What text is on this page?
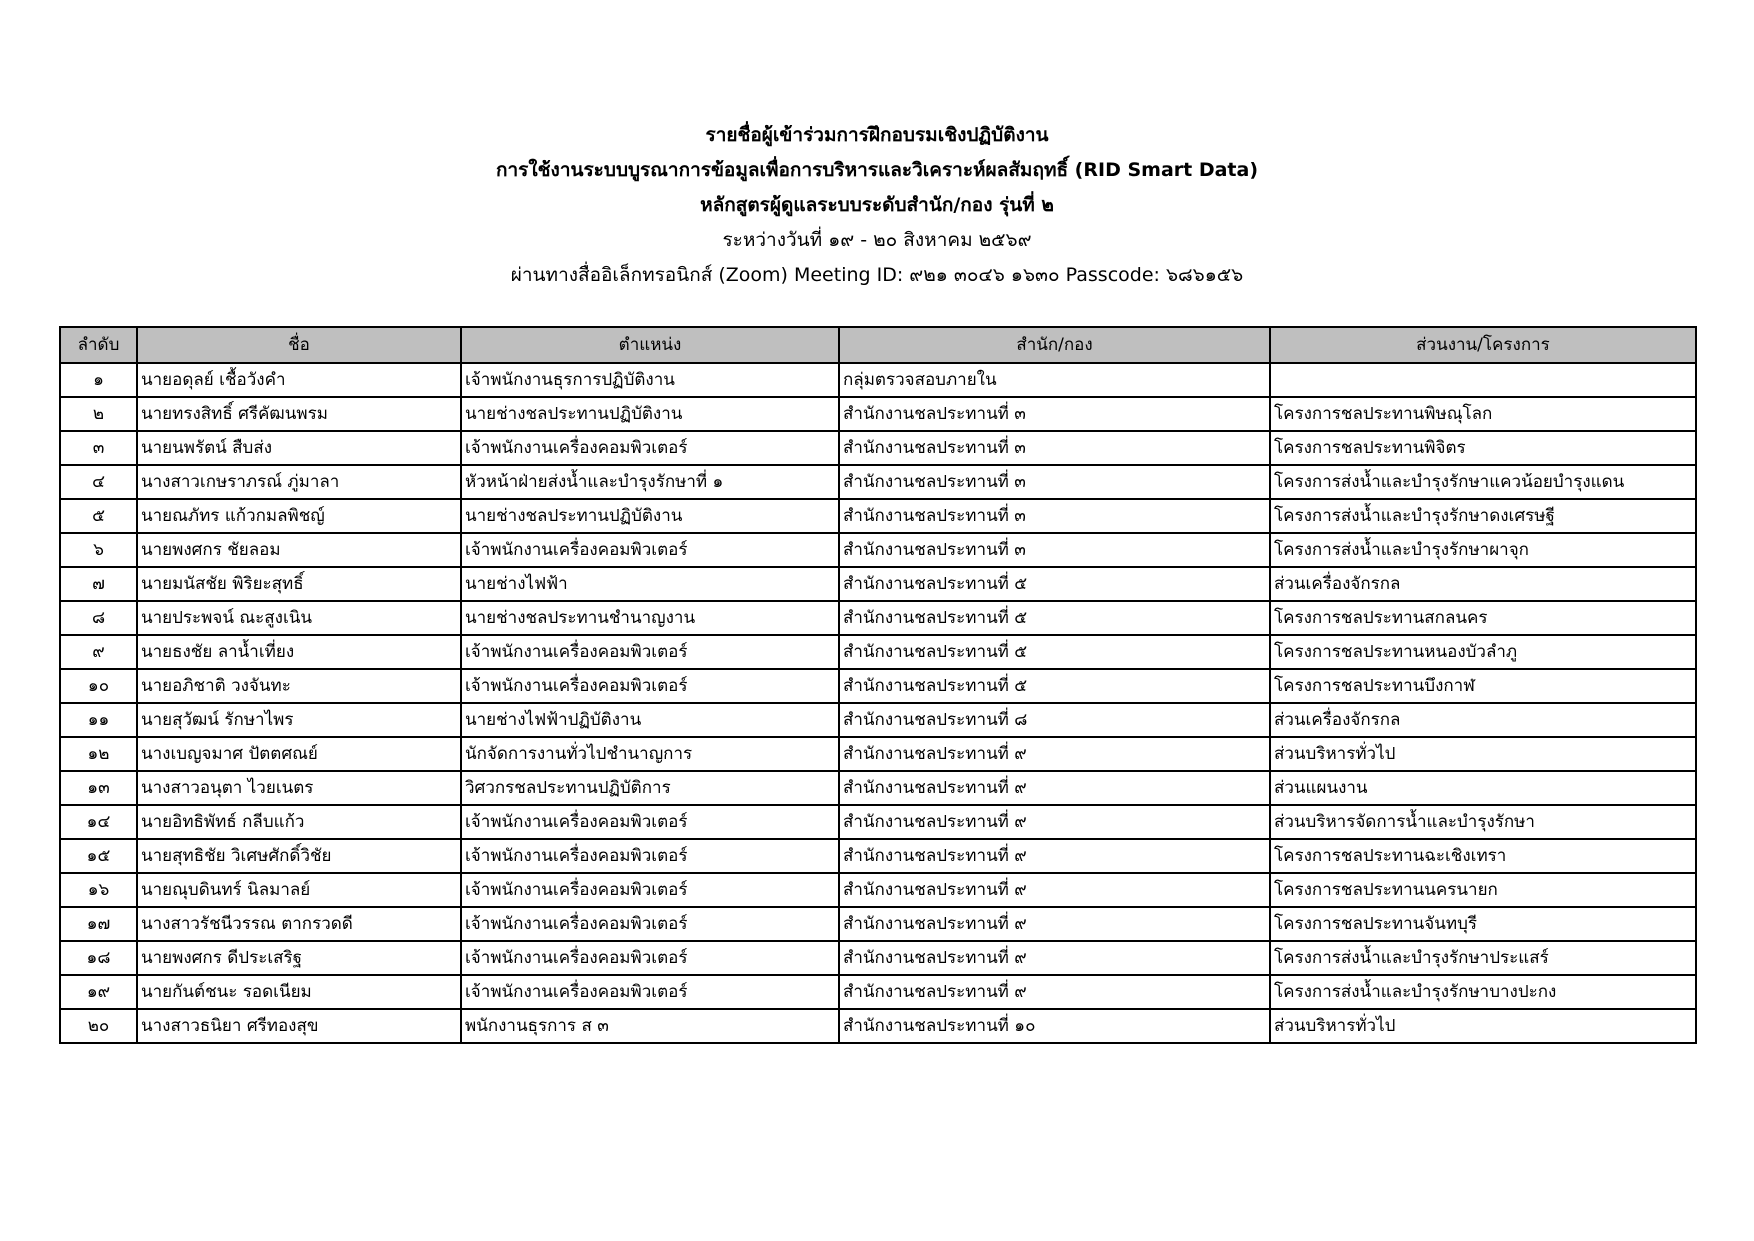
รายชื่อผู้เข้าร่วมการฝึกอบรมเชิงปฏิบัติงาน
การใช้งานระบบบูรณาการข้อมูลเพื่อการบริหารและวิเคราะห์ผลสัมฤทธิ์ (RID Smart Data)
หลักสูตรผู้ดูแลระบบระดับสำนัก/กอง รุ่นที่ ๒
ระหว่างวันที่ ๑๙ - ๒๐ สิงหาคม ๒๕๖๙
ผ่านทางสื่ออิเล็กทรอนิกส์ (Zoom) Meeting ID: ๙๒๑ ๓๐๔๖ ๑๖๓๐ Passcode: ๖๘๖๑๕๖
ลำดับ	ชื่อ	ตำแหน่ง	สำนัก/กอง	ส่วนงาน/โครงการ
๑	นายอดุลย์ เชื้อวังคำ	เจ้าพนักงานธุรการปฏิบัติงาน	กลุ่มตรวจสอบภายใน	
๒	นายทรงสิทธิ์ ศรีคัฒนพรม	นายช่างชลประทานปฏิบัติงาน	สำนักงานชลประทานที่ ๓	โครงการชลประทานพิษณุโลก
๓	นายนพรัตน์ สืบส่ง	เจ้าพนักงานเครื่องคอมพิวเตอร์	สำนักงานชลประทานที่ ๓	โครงการชลประทานพิจิตร
๔	นางสาวเกษราภรณ์ ภู่มาลา	หัวหน้าฝ่ายส่งน้ำและบำรุงรักษาที่ ๑	สำนักงานชลประทานที่ ๓	โครงการส่งน้ำและบำรุงรักษาแควน้อยบำรุงแดน
๕	นายณภัทร แก้วกมลพิชญ์	นายช่างชลประทานปฏิบัติงาน	สำนักงานชลประทานที่ ๓	โครงการส่งน้ำและบำรุงรักษาดงเศรษฐี
๖	นายพงศกร ชัยลอม	เจ้าพนักงานเครื่องคอมพิวเตอร์	สำนักงานชลประทานที่ ๓	โครงการส่งน้ำและบำรุงรักษาผาจุก
๗	นายมนัสชัย พิริยะสุทธิ์	นายช่างไฟฟ้า	สำนักงานชลประทานที่ ๕	ส่วนเครื่องจักรกล
๘	นายประพจน์ ณะสูงเนิน	นายช่างชลประทานชำนาญงาน	สำนักงานชลประทานที่ ๕	โครงการชลประทานสกลนคร
๙	นายธงชัย ลาน้ำเที่ยง	เจ้าพนักงานเครื่องคอมพิวเตอร์	สำนักงานชลประทานที่ ๕	โครงการชลประทานหนองบัวลำภู
๑๐	นายอภิชาติ วงจันทะ	เจ้าพนักงานเครื่องคอมพิวเตอร์	สำนักงานชลประทานที่ ๕	โครงการชลประทานบึงกาฬ
๑๑	นายสุวัฒน์ รักษาไพร	นายช่างไฟฟ้าปฏิบัติงาน	สำนักงานชลประทานที่ ๘	ส่วนเครื่องจักรกล
๑๒	นางเบญจมาศ ปัตตศณย์	นักจัดการงานทั่วไปชำนาญการ	สำนักงานชลประทานที่ ๙	ส่วนบริหารทั่วไป
๑๓	นางสาวอนุตา ไวยเนตร	วิศวกรชลประทานปฏิบัติการ	สำนักงานชลประทานที่ ๙	ส่วนแผนงาน
๑๔	นายอิทธิพัทธ์ กลีบแก้ว	เจ้าพนักงานเครื่องคอมพิวเตอร์	สำนักงานชลประทานที่ ๙	ส่วนบริหารจัดการน้ำและบำรุงรักษา
๑๕	นายสุทธิชัย วิเศษศักดิ์วิชัย	เจ้าพนักงานเครื่องคอมพิวเตอร์	สำนักงานชลประทานที่ ๙	โครงการชลประทานฉะเชิงเทรา
๑๖	นายณุบดินทร์ นิลมาลย์	เจ้าพนักงานเครื่องคอมพิวเตอร์	สำนักงานชลประทานที่ ๙	โครงการชลประทานนครนายก
๑๗	นางสาวรัชนีวรรณ ตากรวดดี	เจ้าพนักงานเครื่องคอมพิวเตอร์	สำนักงานชลประทานที่ ๙	โครงการชลประทานจันทบุรี
๑๘	นายพงศกร ดีประเสริฐ	เจ้าพนักงานเครื่องคอมพิวเตอร์	สำนักงานชลประทานที่ ๙	โครงการส่งน้ำและบำรุงรักษาประแสร์
๑๙	นายกันต์ชนะ รอดเนียม	เจ้าพนักงานเครื่องคอมพิวเตอร์	สำนักงานชลประทานที่ ๙	โครงการส่งน้ำและบำรุงรักษาบางปะกง
๒๐	นางสาวธนิยา ศรีทองสุข	พนักงานธุรการ ส ๓	สำนักงานชลประทานที่ ๑๐	ส่วนบริหารทั่วไป
